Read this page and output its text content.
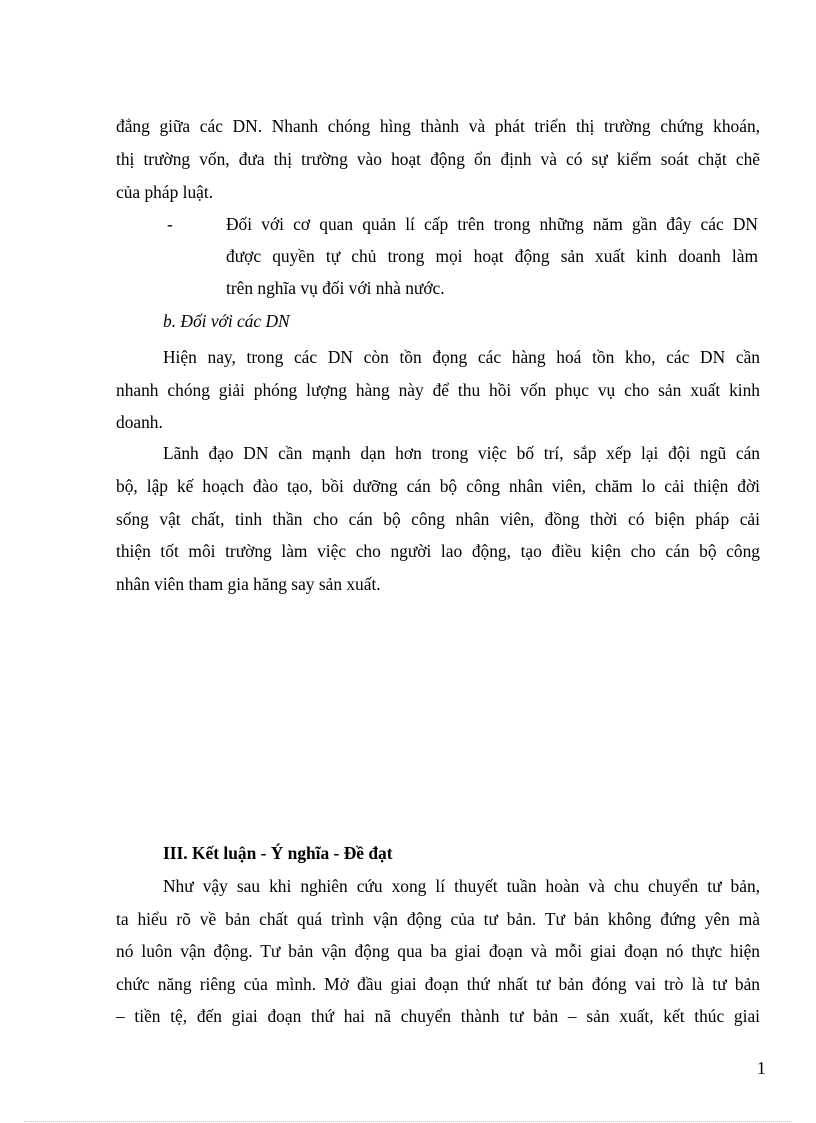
đẳng giữa các DN. Nhanh chóng hìng thành và phát triển thị trường chứng khoán,
thị trường vốn, đưa thị trường vào hoạt động ổn định và có sự kiểm soát chặt chẽ
của pháp luật.
-	Đối với cơ quan quản lí cấp trên trong những năm gần đây các DN
được quyền tự chủ trong mọi hoạt động sản xuất kinh doanh làm
trên nghĩa vụ đối với nhà nước.
b. Đối với các DN
Hiện nay, trong các DN còn tồn đọng các hàng hoá tồn kho, các DN cần
nhanh chóng giải phóng lượng hàng này để thu hồi vốn phục vụ cho sản xuất kinh
doanh.
Lãnh đạo DN cần mạnh dạn hơn trong việc bố trí, sắp xếp lại đội ngũ cán
bộ, lập kế hoạch đào tạo, bồi dưỡng cán bộ công nhân viên, chăm lo cải thiện đời
sống vật chất, tinh thần cho cán bộ công nhân viên, đồng thời có biện pháp cải
thiện tốt môi trường làm việc cho người lao động, tạo điều kiện cho cán bộ công
nhân viên tham gia hăng say sản xuất.
III. Kết luận - Ý nghĩa - Đề đạt
Như vậy sau khi nghiên cứu xong lí thuyết tuần hoàn và chu chuyển tư bản,
ta hiểu rõ về bản chất quá trình vận động của tư bản. Tư bản không đứng yên mà
nó luôn vận động. Tư bản vận động qua ba giai đoạn và mỗi giai đoạn nó thực hiện
chức năng riêng của mình. Mở đầu giai đoạn thứ nhất tư bản đóng vai trò là tư bản
– tiền tệ, đến giai đoạn thứ hai nã chuyển thành tư bản – sản xuất, kết thúc giai
1
